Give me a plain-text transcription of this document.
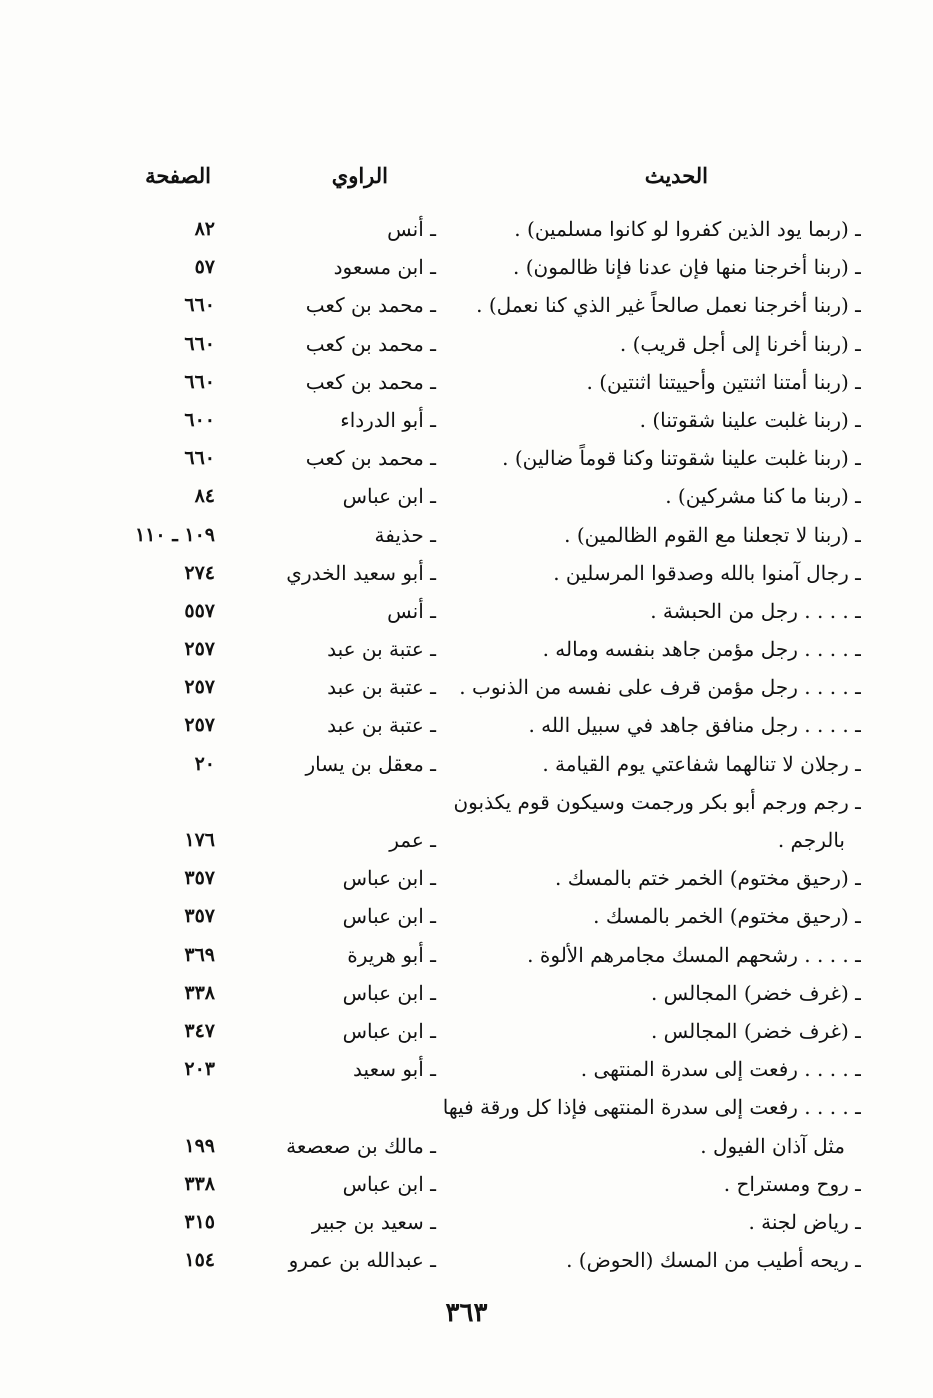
الحديث
الراوي
الصفحة
ـ (ربما يود الذين كفروا لو كانوا مسلمين) .
ـ أنس
٨٢
ـ (ربنا أخرجنا منها فإن عدنا فإنا ظالمون) .
ـ ابن مسعود
٥٧
ـ (ربنا أخرجنا نعمل صالحاً غير الذي كنا نعمل) .
ـ محمد بن كعب
٦٦٠
ـ (ربنا أخرنا إلى أجل قريب) .
ـ محمد بن كعب
٦٦٠
ـ (ربنا أمتنا اثنتين وأحييتنا اثنتين) .
ـ محمد بن كعب
٦٦٠
ـ (ربنا غلبت علينا شقوتنا) .
ـ أبو الدرداء
٦٠٠
ـ (ربنا غلبت علينا شقوتنا وكنا قوماً ضالين) .
ـ محمد بن كعب
٦٦٠
ـ (ربنا ما كنا مشركين) .
ـ ابن عباس
٨٤
ـ (ربنا لا تجعلنا مع القوم الظالمين) .
ـ حذيفة
١٠٩ ـ ١١٠
ـ رجال آمنوا بالله وصدقوا المرسلين .
ـ أبو سعيد الخدري
٢٧٤
ـ . . . . رجل من الحبشة .
ـ أنس
٥٥٧
ـ . . . . رجل مؤمن جاهد بنفسه وماله .
ـ عتبة بن عبد
٢٥٧
ـ . . . . رجل مؤمن قرف على نفسه من الذنوب .
ـ عتبة بن عبد
٢٥٧
ـ . . . . رجل منافق جاهد في سبيل الله .
ـ عتبة بن عبد
٢٥٧
ـ رجلان لا تنالهما شفاعتي يوم القيامة .
ـ معقل بن يسار
٢٠
ـ رجم ورجم أبو بكر ورجمت وسيكون قوم يكذبون
بالرجم .
ـ عمر
١٧٦
ـ (رحيق مختوم) الخمر ختم بالمسك .
ـ ابن عباس
٣٥٧
ـ (رحيق مختوم) الخمر بالمسك .
ـ ابن عباس
٣٥٧
ـ . . . . رشحهم المسك مجامرهم الألوة .
ـ أبو هريرة
٣٦٩
ـ (غرف خضر) المجالس .
ـ ابن عباس
٣٣٨
ـ (غرف خضر) المجالس .
ـ ابن عباس
٣٤٧
ـ . . . . رفعت إلى سدرة المنتهى .
ـ أبو سعيد
٢٠٣
ـ . . . . رفعت إلى سدرة المنتهى فإذا كل ورقة فيها
مثل آذان الفيول .
ـ مالك بن صعصعة
١٩٩
ـ روح ومستراح .
ـ ابن عباس
٣٣٨
ـ رياض لجنة .
ـ سعيد بن جبير
٣١٥
ـ ريحه أطيب من المسك (الحوض) .
ـ عبدالله بن عمرو
١٥٤
٣٦٣
